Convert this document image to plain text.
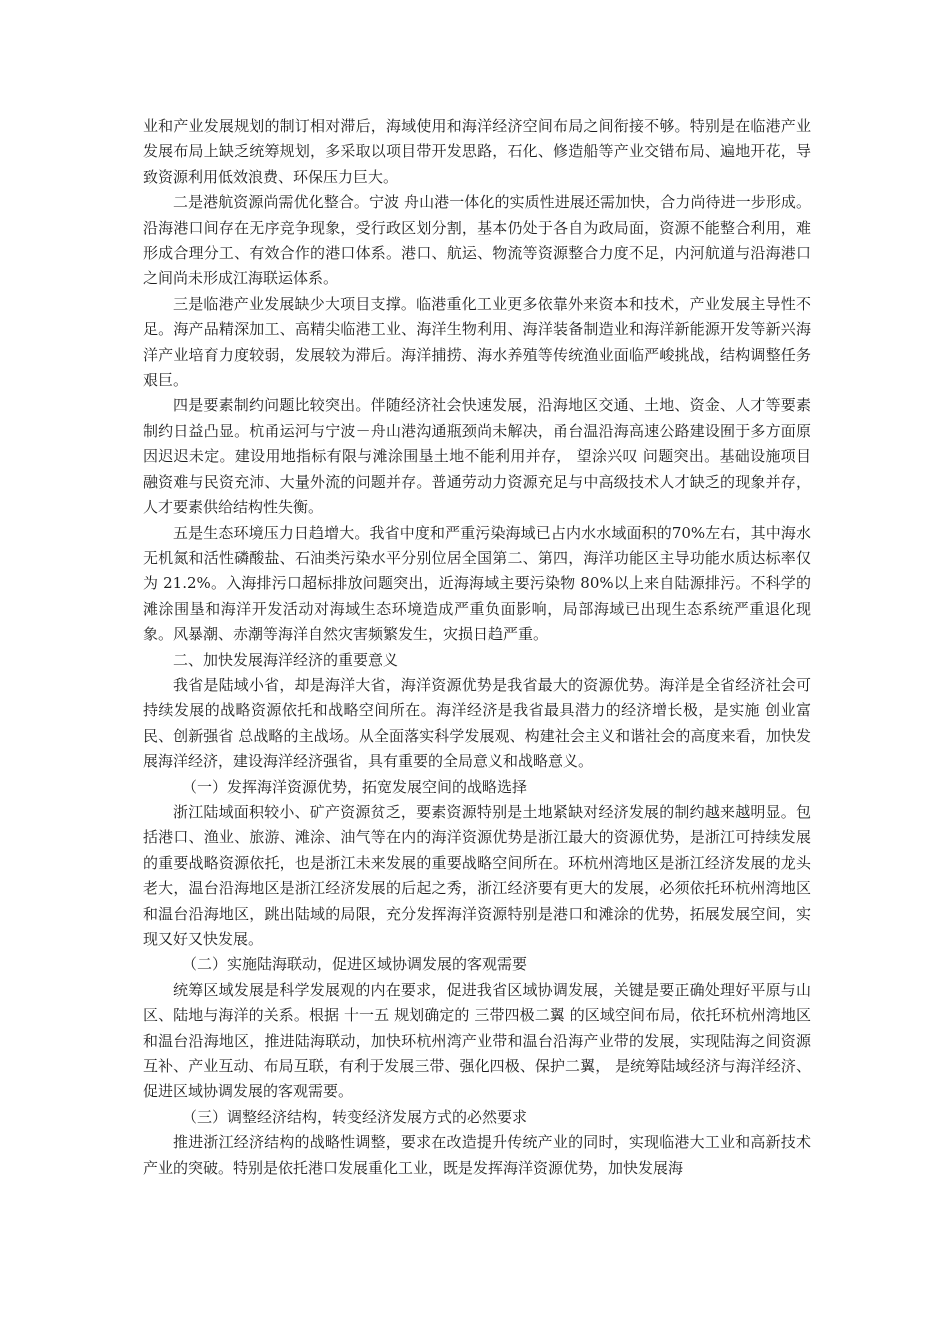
业和产业发展规划的制订相对滞后，海域使用和海洋经济空间布局之间衔接不够。特别是在临港产业发展布局上缺乏统筹规划，多采取以项目带开发思路，石化、修造船等产业交错布局、遍地开花，导致资源利用低效浪费、环保压力巨大。

二是港航资源尚需优化整合。宁波 舟山港一体化的实质性进展还需加快，合力尚待进一步形成。沿海港口间存在无序竞争现象，受行政区划分割，基本仍处于各自为政局面，资源不能整合利用，难形成合理分工、有效合作的港口体系。港口、航运、物流等资源整合力度不足，内河航道与沿海港口之间尚未形成江海联运体系。

三是临港产业发展缺少大项目支撑。临港重化工业更多依靠外来资本和技术，产业发展主导性不足。海产品精深加工、高精尖临港工业、海洋生物利用、海洋装备制造业和海洋新能源开发等新兴海洋产业培育力度较弱，发展较为滞后。海洋捕捞、海水养殖等传统渔业面临严峻挑战，结构调整任务艰巨。

四是要素制约问题比较突出。伴随经济社会快速发展，沿海地区交通、土地、资金、人才等要素制约日益凸显。杭甬运河与宁波－舟山港沟通瓶颈尚未解决，甬台温沿海高速公路建设囿于多方面原因迟迟未定。建设用地指标有限与滩涂围垦土地不能利用并存， 望涂兴叹 问题突出。基础设施项目融资难与民资充沛、大量外流的问题并存。普通劳动力资源充足与中高级技术人才缺乏的现象并存，人才要素供给结构性失衡。

五是生态环境压力日趋增大。我省中度和严重污染海域已占内水水域面积的70%左右，其中海水无机氮和活性磷酸盐、石油类污染水平分别位居全国第二、第四，海洋功能区主导功能水质达标率仅为 21.2%。入海排污口超标排放问题突出，近海海域主要污染物 80%以上来自陆源排污。不科学的滩涂围垦和海洋开发活动对海域生态环境造成严重负面影响，局部海域已出现生态系统严重退化现象。风暴潮、赤潮等海洋自然灾害频繁发生，灾损日趋严重。

二、加快发展海洋经济的重要意义

我省是陆域小省，却是海洋大省，海洋资源优势是我省最大的资源优势。海洋是全省经济社会可持续发展的战略资源依托和战略空间所在。海洋经济是我省最具潜力的经济增长极，是实施 创业富民、创新强省 总战略的主战场。从全面落实科学发展观、构建社会主义和谐社会的高度来看，加快发展海洋经济，建设海洋经济强省，具有重要的全局意义和战略意义。

（一）发挥海洋资源优势，拓宽发展空间的战略选择

浙江陆域面积较小、矿产资源贫乏，要素资源特别是土地紧缺对经济发展的制约越来越明显。包括港口、渔业、旅游、滩涂、油气等在内的海洋资源优势是浙江最大的资源优势，是浙江可持续发展的重要战略资源依托，也是浙江未来发展的重要战略空间所在。环杭州湾地区是浙江经济发展的龙头老大，温台沿海地区是浙江经济发展的后起之秀，浙江经济要有更大的发展，必须依托环杭州湾地区和温台沿海地区，跳出陆域的局限，充分发挥海洋资源特别是港口和滩涂的优势，拓展发展空间，实现又好又快发展。

（二）实施陆海联动，促进区域协调发展的客观需要

统筹区域发展是科学发展观的内在要求，促进我省区域协调发展，关键是要正确处理好平原与山区、陆地与海洋的关系。根据 十一五 规划确定的 三带四极二翼 的区域空间布局，依托环杭州湾地区和温台沿海地区，推进陆海联动，加快环杭州湾产业带和温台沿海产业带的发展，实现陆海之间资源互补、产业互动、布局互联，有利于发展三带、强化四极、保护二翼， 是统筹陆域经济与海洋经济、促进区域协调发展的客观需要。

（三）调整经济结构，转变经济发展方式的必然要求

推进浙江经济结构的战略性调整，要求在改造提升传统产业的同时，实现临港大工业和高新技术产业的突破。特别是依托港口发展重化工业，既是发挥海洋资源优势，加快发展海
